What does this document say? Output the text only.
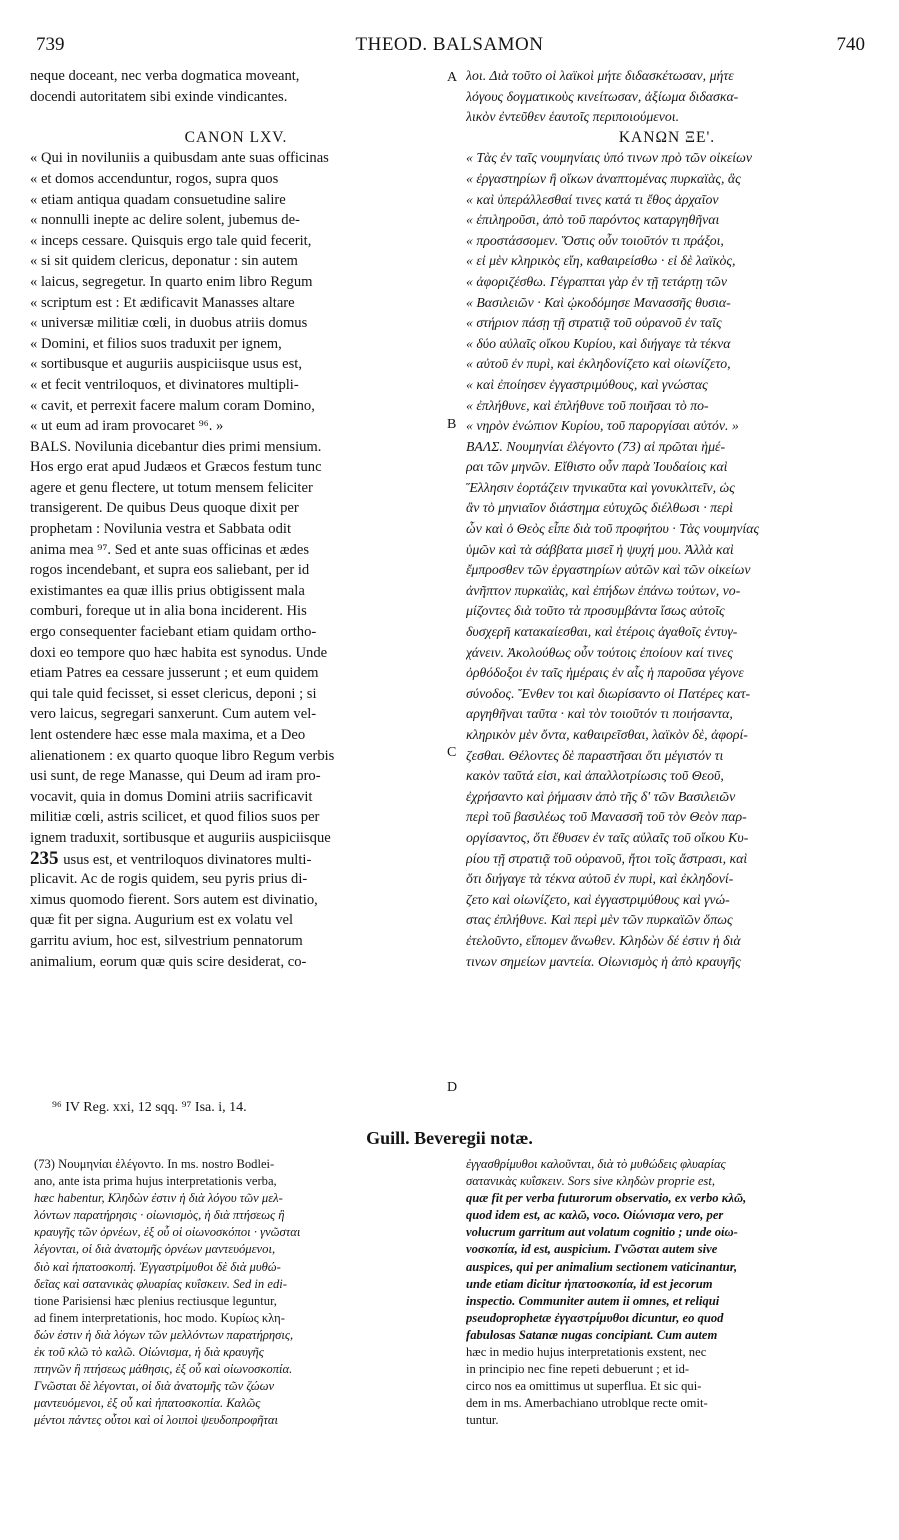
739	THEOD. BALSAMON	740
neque doceant, nec verba dogmatica moveant,
docendi autoritatem sibi exinde vindicantes.

CANON LXV.
« Qui in noviluniis a quibusdam ante suas officinas
« et domos accenduntur, rogos, supra quos
« etiam antiqua quadam consuetudine salire
« nonnulli inepte ac delire solent, jubemus de-
« inceps cessare. Quisquis ergo tale quid fecerit,
« si sit quidem clericus, deponatur : sin autem
« laicus, segregetur. In quarto enim libro Regum
« scriptum est : Et ædificavit Manasses altare
« universæ militiæ cœli, in duobus atriis domus
« Domini, et filios suos traduxit per ignem,
« sortibusque et auguriis auspiciisque usus est,
« et fecit ventriloquos, et divinatores multipli-
« cavit, et perrexit facere malum coram Domino,
« ut eum ad iram provocaret ⁹⁶. »
BALS. Novilunia dicebantur dies primi mensium.
Hos ergo erat apud Judæos et Græcos festum tunc
agere et genu flectere, ut totum mensem feliciter
transigerent. De quibus Deus quoque dixit per
prophetam : Novilunia vestra et Sabbata odit
anima mea ⁹⁷. Sed et ante suas officinas et ædes
rogos incendebant, et supra eos saliebant, per id
existimantes ea quæ illis prius obtigissent mala
comburi, foreque ut in alia bona inciderent. His
ergo consequenter faciebant etiam quidam ortho-
doxi eo tempore quo hæc habita est synodus. Unde
etiam Patres ea cessare jusserunt ; et eum quidem
qui tale quid fecisset, si esset clericus, deponi ; si
vero laicus, segregari sanxerunt. Cum autem vel-
lent ostendere hæc esse mala maxima, et a Deo
alienationem : ex quarto quoque libro Regum verbis
usi sunt, de rege Manasse, qui Deum ad iram pro-
vocavit, quia in domus Domini atriis sacrificavit
militiæ cœli, astris scilicet, et quod filios suos per
ignem traduxit, sortibusque et auguriis auspiciisque
235 usus est, et ventriloquos divinatores multi-
plicavit. Ac de rogis quidem, seu pyris prius di-
ximus quomodo fierent. Sors autem est divinatio,
quæ fit per signa. Augurium est ex volatu vel
garritu avium, hoc est, silvestrium pennatorum
animalium, eorum quæ quis scire desiderat, co-
λοι. Διὰ τοῦτο οἱ λαϊκοὶ μήτε διδασκέτωσαν, μήτε
λόγους δογματικοὺς κινείτωσαν, ἀξίωμα διδασκα-
λικὸν ἐντεῦθεν ἑαυτοῖς περιποιούμενοι.
ΚΑΝΩΝ ΞΕ'.
« Τὰς ἐν ταῖς νουμηνίαις ὑπό τινων πρὸ τῶν οἰκείων
« ἐργαστηρίων ἢ οἴκων ἀναπτομένας πυρκαϊὰς, ἃς
« καὶ ὑπεράλλεσθαί τινες κατά τι ἔθος ἀρχαῖον
« ἐπιληροῦσι, ἀπὸ τοῦ παρόντος καταργηθῆναι
« προστάσσομεν. Ὅστις οὖν τοιοῦτόν τι πράξοι,
« εἰ μὲν κληρικὸς εἴη, καθαιρείσθω · εἰ δὲ λαϊκὸς,
« ἀφοριζέσθω. Γέγραπται γὰρ ἐν τῇ τετάρτῃ τῶν
« Βασιλειῶν · Καὶ ᾠκοδόμησε Μανασσῆς θυσια-
« στήριον πάσῃ τῇ στρατιᾷ τοῦ οὐρανοῦ ἐν ταῖς
« δύο αὐλαῖς οἴκου Κυρίου, καὶ διήγαγε τὰ τέκνα
« αὐτοῦ ἐν πυρὶ, καὶ ἐκληδονίζετο καὶ οἰωνίζετο,
« καὶ ἐποίησεν ἐγγαστριμύθους, καὶ γνώστας
« ἐπλήθυνε, καὶ ἐπλήθυνε τοῦ ποιῆσαι τὸ πο-
« νηρὸν ἐνώπιον Κυρίου, τοῦ παροργίσαι αὐτόν. »
ΒΑΛΣ. Νουμηνίαι ἐλέγοντο (73) αἱ πρῶται ἡμέ-
ραι τῶν μηνῶν. Εἴθιστο οὖν παρὰ Ἰουδαίοις καὶ
Ἕλλησιν ἑορτάζειν τηνικαῦτα καὶ γονυκλιτεῖν, ὡς
ἂν τὸ μηνιαῖον διάστημα εὐτυχῶς διέλθωσι · περὶ
ὧν καὶ ὁ Θεὸς εἶπε διὰ τοῦ προφήτου · Τὰς νουμηνίας
ὑμῶν καὶ τὰ σάββατα μισεῖ ἡ ψυχή μου. Ἀλλὰ καὶ
ἔμπροσθεν τῶν ἐργαστηρίων αὐτῶν καὶ τῶν οἰκείων
ἀνῆπτον πυρκαϊὰς, καὶ ἐπήδων ἐπάνω τούτων, νο-
μίζοντες διὰ τοῦτο τὰ προσυμβάντα ἴσως αὐτοῖς
δυσχερῆ κατακαίεσθαι, καὶ ἑτέροις ἀγαθοῖς ἐντυγ-
χάνειν. Ἀκολούθως οὖν τούτοις ἐποίουν καί τινες
ὀρθόδοξοι ἐν ταῖς ἡμέραις ἐν αἷς ἡ παροῦσα γέγονε
σύνοδος. Ἔνθεν τοι καὶ διωρίσαντο οἱ Πατέρες κατ-
αργηθῆναι ταῦτα · καὶ τὸν τοιοῦτόν τι ποιήσαντα,
κληρικὸν μὲν ὄντα, καθαιρεῖσθαι, λαϊκὸν δὲ, ἀφορί-
ζεσθαι. Θέλοντες δὲ παραστῆσαι ὅτι μέγιστόν τι
κακὸν ταῦτά εἰσι, καὶ ἀπαλλοτρίωσις τοῦ Θεοῦ,
ἐχρήσαντο καὶ ῥήμασιν ἀπὸ τῆς δ' τῶν Βασιλειῶν
περὶ τοῦ βασιλέως τοῦ Μανασσῆ τοῦ τὸν Θεὸν παρ-
οργίσαντος, ὅτι ἔθυσεν ἐν ταῖς αὐλαῖς τοῦ οἴκου Κυ-
ρίου τῇ στρατιᾷ τοῦ οὐρανοῦ, ἤτοι τοῖς ἄστρασι, καὶ
ὅτι διήγαγε τὰ τέκνα αὐτοῦ ἐν πυρὶ, καὶ ἐκληδονί-
ζετο καὶ οἰωνίζετο, καὶ ἐγγαστριμύθους καὶ γνώ-
στας ἐπλήθυνε. Καὶ περὶ μὲν τῶν πυρκαϊῶν ὅπως
ἐτελοῦντο, εἴπομεν ἄνωθεν. Κληδὼν δέ ἐστιν ἡ διὰ
τινων σημείων μαντεία. Οἰωνισμὸς ἡ ἀπὸ κραυγῆς
A
B
C
D
⁹⁶ IV Reg. xxi, 12 sqq. ⁹⁷ Isa. i, 14.
Guill. Beveregii notæ.
(73) Νουμηνίαι ἐλέγοντο. In ms. nostro Bodlei-
ano, ante ista prima hujus interpretationis verba,
hæc habentur, Κληδὼν ἐστιν ἡ διὰ λόγου τῶν μελ-
λόντων παρατήρησις · οἰωνισμὸς, ἡ διὰ πτήσεως ἢ
κραυγῆς τῶν ὀρνέων, ἐξ οὗ οἱ οἰωνοσκόποι · γνῶσται
λέγονται, οἱ διὰ ἀνατομῆς ὀρνέων μαντευόμενοι,
διὸ καὶ ἡπατοσκοπή. Ἐγγαστρίμυθοι δὲ διὰ μυθώ-
δεῖας καὶ σατανικὰς φλυαρίας κυΐσκειν. Sed in edi-
tione Parisiensi hæc plenius rectiusque leguntur,
ad finem interpretationis, hoc modo. Κυρίως κλη-
δών ἐστιν ἡ διὰ λόγων τῶν μελλόντων παρατήρησις,
ἐκ τοῦ κλῶ τὸ καλῶ. Οἰώνισμα, ἡ διὰ κραυγῆς
πτηνῶν ἢ πτήσεως μάθησις, ἐξ οὗ καὶ οἰωνοσκοπία.
Γνῶσται δὲ λέγονται, οἱ διὰ ἀνατομῆς τῶν ζώων
μαντευόμενοι, ἐξ οὗ καὶ ἡπατοσκοπία. Καλῶς
μέντοι πάντες οὗτοι καὶ οἱ λοιποὶ ψευδοπροφῆται
ἐγγασθρίμυθοι καλοῦνται, διὰ τὸ μυθώδεις φλυαρίας
σατανικὰς κυΐσκειν. Sors sive κληδὼν proprie est,
quæ fit per verba futurorum observatio, ex verbo κλῶ,
quod idem est, ac καλῶ, voco. Οἰώνισμα vero, per
volucrum garritum aut volatum cognitio ; unde οἰω-
νοσκοπία, id est, auspicium. Γνῶσται autem sive
auspices, qui per animalium sectionem vaticinantur,
unde etiam dicitur ἡπατοσκοπία, id est jecorum
inspectio. Communiter autem ii omnes, et reliqui
pseudoprophetæ ἐγγαστρίμυθοι dicuntur, eo quod
fabulosas Satanæ nugas concipiant. Cum autem
hæc in medio hujus interpretationis exstent, nec
in principio nec fine repeti debuerunt ; et id-
circo nos ea omittimus ut superflua. Et sic qui-
dem in ms. Amerbachiano utroblque recte omit-
tuntur.
